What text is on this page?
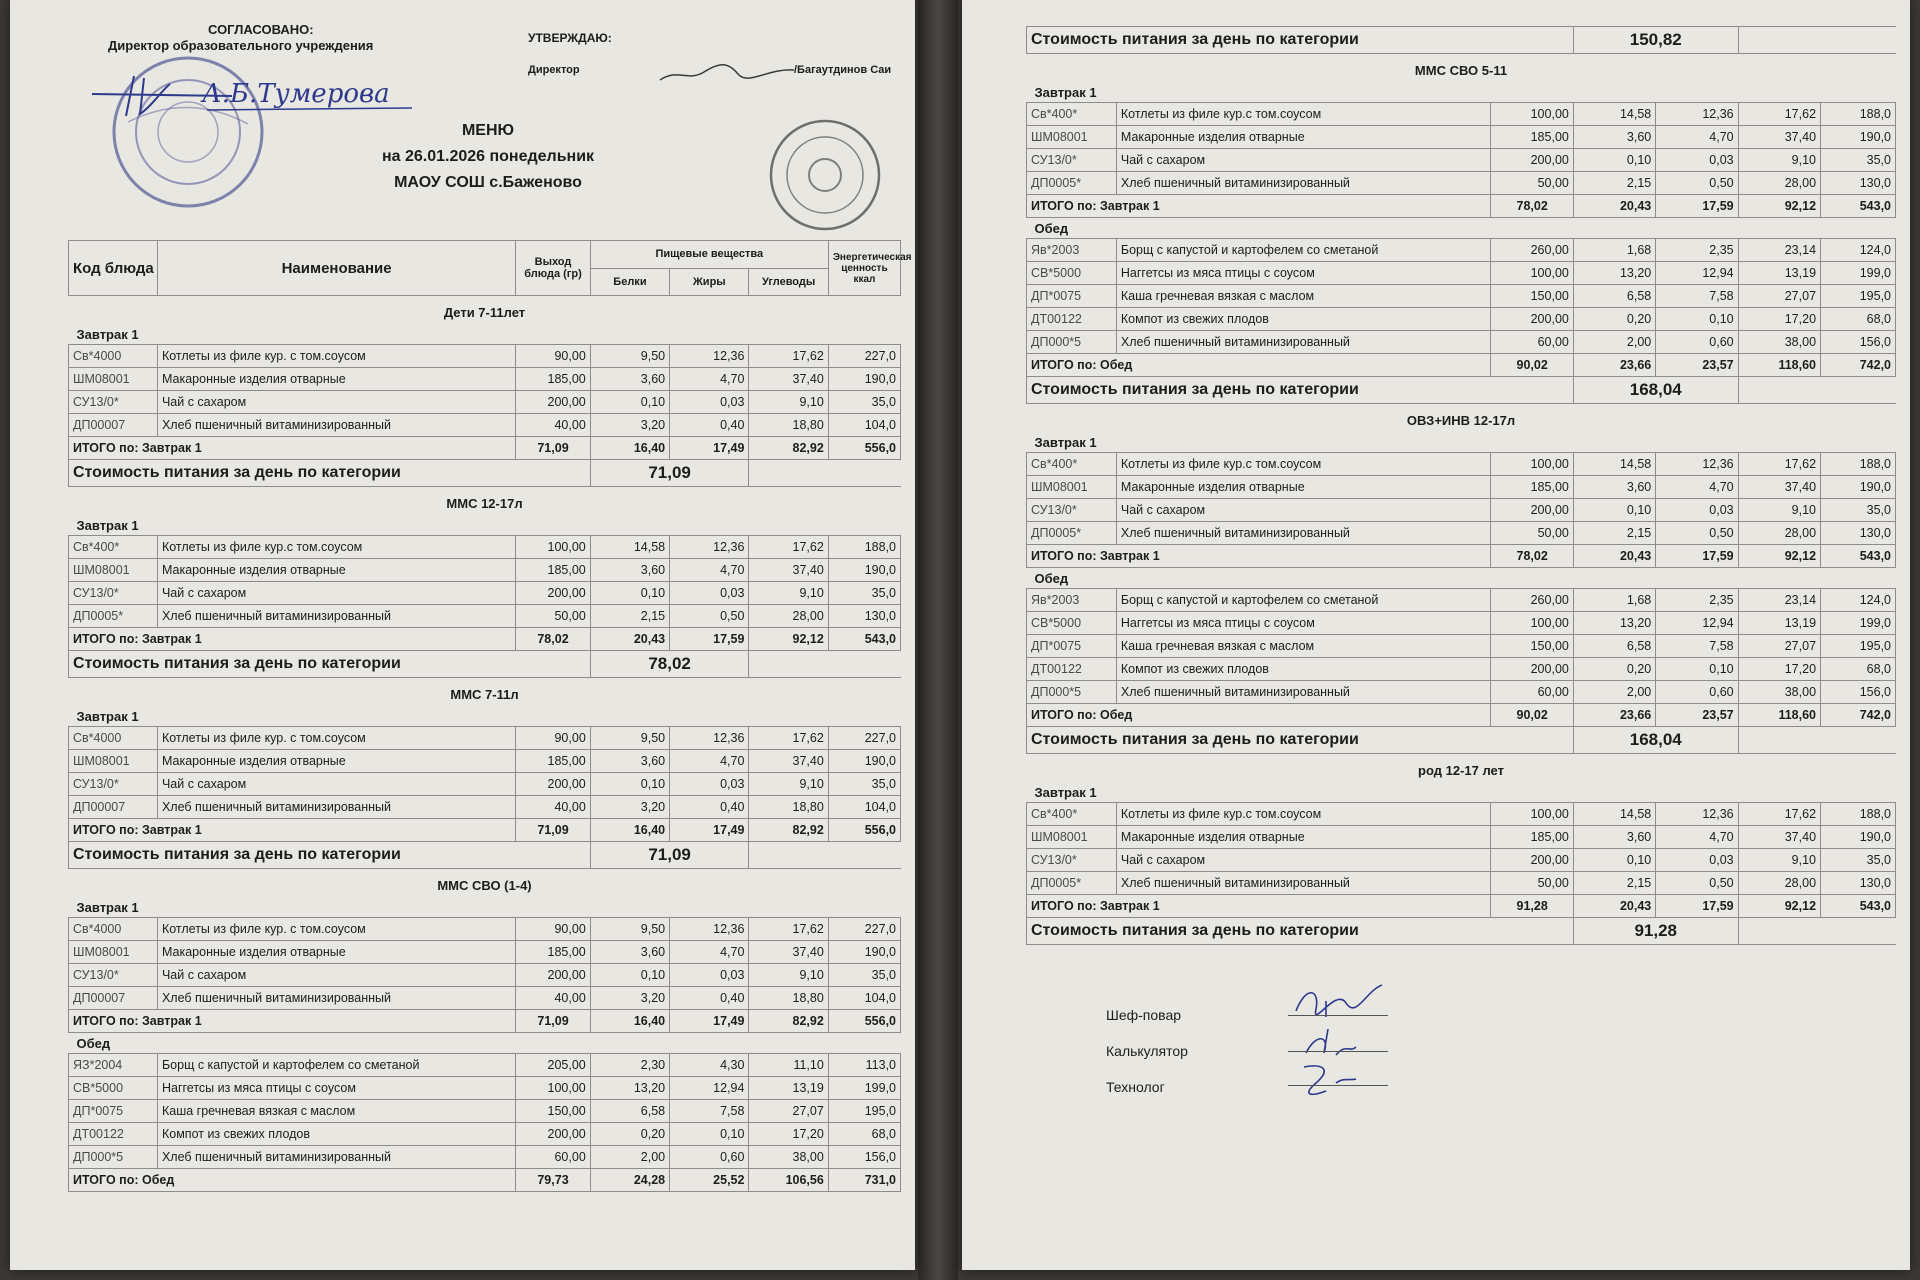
СОГЛАСОВАНО:
Директор образовательного учреждения
А.Б.Тумерова
УТВЕРЖДАЮ:
Директор	/Багаутдинов Саи
МЕНЮ
на 26.01.2026 понедельник
МАОУ СОШ с.Баженово
Код блюда	Наименование	Выход блюда (гр)	Пищевые вещества			Энергетическая ценность ккал
			Белки	Жиры	Углеводы	
Дети 7-11лет						
Завтрак 1						
Св*4000	Котлеты из филе кур. с том.соусом	90,00	9,50	12,36	17,62	227,0
ШМ08001	Макаронные изделия отварные	185,00	3,60	4,70	37,40	190,0
СУ13/0*	Чай с сахаром	200,00	0,10	0,03	9,10	35,0
ДП00007	Хлеб пшеничный витаминизированный	40,00	3,20	0,40	18,80	104,0
ИТОГО по: Завтрак 1		71,09	16,40	17,49	82,92	556,0
Стоимость питания за день по категории			71,09			
ММС 12-17л						
Завтрак 1						
Св*400*	Котлеты из филе кур.с том.соусом	100,00	14,58	12,36	17,62	188,0
ШМ08001	Макаронные изделия отварные	185,00	3,60	4,70	37,40	190,0
СУ13/0*	Чай с сахаром	200,00	0,10	0,03	9,10	35,0
ДП0005*	Хлеб пшеничный витаминизированный	50,00	2,15	0,50	28,00	130,0
ИТОГО по: Завтрак 1		78,02	20,43	17,59	92,12	543,0
Стоимость питания за день по категории			78,02			
ММС 7-11л						
Завтрак 1						
Св*4000	Котлеты из филе кур. с том.соусом	90,00	9,50	12,36	17,62	227,0
ШМ08001	Макаронные изделия отварные	185,00	3,60	4,70	37,40	190,0
СУ13/0*	Чай с сахаром	200,00	0,10	0,03	9,10	35,0
ДП00007	Хлеб пшеничный витаминизированный	40,00	3,20	0,40	18,80	104,0
ИТОГО по: Завтрак 1		71,09	16,40	17,49	82,92	556,0
Стоимость питания за день по категории			71,09			
ММС СВО (1-4)						
Завтрак 1						
Св*4000	Котлеты из филе кур. с том.соусом	90,00	9,50	12,36	17,62	227,0
ШМ08001	Макаронные изделия отварные	185,00	3,60	4,70	37,40	190,0
СУ13/0*	Чай с сахаром	200,00	0,10	0,03	9,10	35,0
ДП00007	Хлеб пшеничный витаминизированный	40,00	3,20	0,40	18,80	104,0
ИТОГО по: Завтрак 1		71,09	16,40	17,49	82,92	556,0
Обед						
ЯЗ*2004	Борщ с капустой и картофелем со сметаной	205,00	2,30	4,30	11,10	113,0
СВ*5000	Наггетсы из мяса птицы с соусом	100,00	13,20	12,94	13,19	199,0
ДП*0075	Каша гречневая вязкая с маслом	150,00	6,58	7,58	27,07	195,0
ДТ00122	Компот из свежих плодов	200,00	0,20	0,10	17,20	68,0
ДП000*5	Хлеб пшеничный витаминизированный	60,00	2,00	0,60	38,00	156,0
ИТОГО по: Обед		79,73	24,28	25,52	106,56	731,0
Стоимость питания за день по категории			150,82			
ММС СВО 5-11						
Завтрак 1						
Св*400*	Котлеты из филе кур.с том.соусом	100,00	14,58	12,36	17,62	188,0
ШМ08001	Макаронные изделия отварные	185,00	3,60	4,70	37,40	190,0
СУ13/0*	Чай с сахаром	200,00	0,10	0,03	9,10	35,0
ДП0005*	Хлеб пшеничный витаминизированный	50,00	2,15	0,50	28,00	130,0
ИТОГО по: Завтрак 1		78,02	20,43	17,59	92,12	543,0
Обед						
Яв*2003	Борщ с капустой и картофелем со сметаной	260,00	1,68	2,35	23,14	124,0
СВ*5000	Наггетсы из мяса птицы с соусом	100,00	13,20	12,94	13,19	199,0
ДП*0075	Каша гречневая вязкая с маслом	150,00	6,58	7,58	27,07	195,0
ДТ00122	Компот из свежих плодов	200,00	0,20	0,10	17,20	68,0
ДП000*5	Хлеб пшеничный витаминизированный	60,00	2,00	0,60	38,00	156,0
ИТОГО по: Обед		90,02	23,66	23,57	118,60	742,0
Стоимость питания за день по категории			168,04			
ОВЗ+ИНВ 12-17л						
Завтрак 1						
Св*400*	Котлеты из филе кур.с том.соусом	100,00	14,58	12,36	17,62	188,0
ШМ08001	Макаронные изделия отварные	185,00	3,60	4,70	37,40	190,0
СУ13/0*	Чай с сахаром	200,00	0,10	0,03	9,10	35,0
ДП0005*	Хлеб пшеничный витаминизированный	50,00	2,15	0,50	28,00	130,0
ИТОГО по: Завтрак 1		78,02	20,43	17,59	92,12	543,0
Обед						
Яв*2003	Борщ с капустой и картофелем со сметаной	260,00	1,68	2,35	23,14	124,0
СВ*5000	Наггетсы из мяса птицы с соусом	100,00	13,20	12,94	13,19	199,0
ДП*0075	Каша гречневая вязкая с маслом	150,00	6,58	7,58	27,07	195,0
ДТ00122	Компот из свежих плодов	200,00	0,20	0,10	17,20	68,0
ДП000*5	Хлеб пшеничный витаминизированный	60,00	2,00	0,60	38,00	156,0
ИТОГО по: Обед		90,02	23,66	23,57	118,60	742,0
Стоимость питания за день по категории			168,04			
род 12-17 лет						
Завтрак 1						
Св*400*	Котлеты из филе кур.с том.соусом	100,00	14,58	12,36	17,62	188,0
ШМ08001	Макаронные изделия отварные	185,00	3,60	4,70	37,40	190,0
СУ13/0*	Чай с сахаром	200,00	0,10	0,03	9,10	35,0
ДП0005*	Хлеб пшеничный витаминизированный	50,00	2,15	0,50	28,00	130,0
ИТОГО по: Завтрак 1		91,28	20,43	17,59	92,12	543,0
Стоимость питания за день по категории			91,28			
Шеф-повар
Калькулятор
Технолог
